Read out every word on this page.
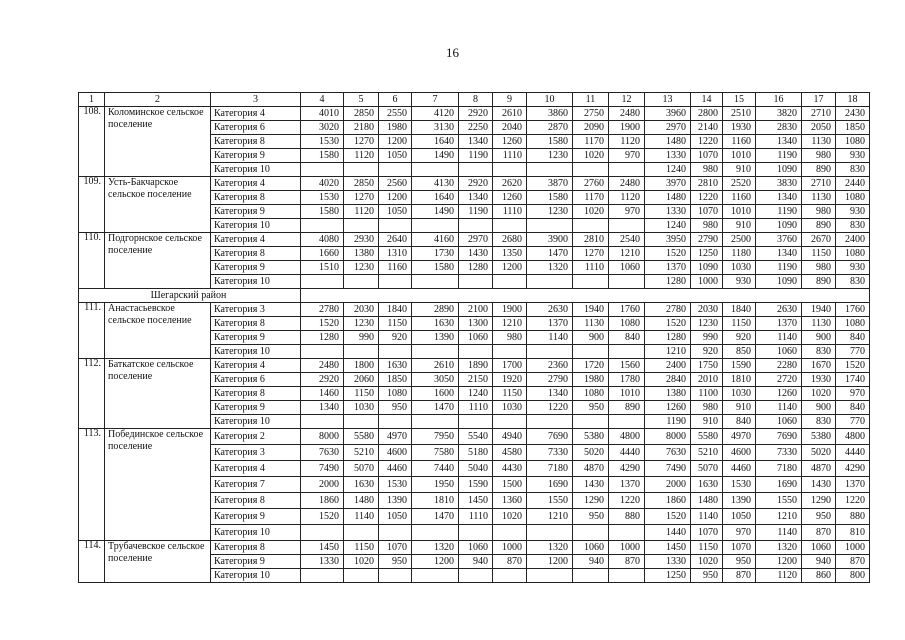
16
1	2	3	4	5	6	7	8	9	10	11	12	13	14	15	16	17	18
108.	Коломинское сельское поселение	Категория 4	4010	2850	2550	4120	2920	2610	3860	2750	2480	3960	2800	2510	3820	2710	2430
		Категория 6	3020	2180	1980	3130	2250	2040	2870	2090	1900	2970	2140	1930	2830	2050	1850
		Категория 8	1530	1270	1200	1640	1340	1260	1580	1170	1120	1480	1220	1160	1340	1130	1080
		Категория 9	1580	1120	1050	1490	1190	1110	1230	1020	970	1330	1070	1010	1190	980	930
		Категория 10										1240	980	910	1090	890	830
109.	Усть-Бакчарское сельское поселение	Категория 4	4020	2850	2560	4130	2920	2620	3870	2760	2480	3970	2810	2520	3830	2710	2440
		Категория 8	1530	1270	1200	1640	1340	1260	1580	1170	1120	1480	1220	1160	1340	1130	1080
		Категория 9	1580	1120	1050	1490	1190	1110	1230	1020	970	1330	1070	1010	1190	980	930
		Категория 10										1240	980	910	1090	890	830
110.	Подгорнское сельское поселение	Категория 4	4080	2930	2640	4160	2970	2680	3900	2810	2540	3950	2790	2500	3760	2670	2400
		Категория 8	1660	1380	1310	1730	1430	1350	1470	1270	1210	1520	1250	1180	1340	1150	1080
		Категория 9	1510	1230	1160	1580	1280	1200	1320	1110	1060	1370	1090	1030	1190	980	930
		Категория 10										1280	1000	930	1090	890	830
Шегарский район																	
111.	Анастасьевское сельское поселение	Категория 3	2780	2030	1840	2890	2100	1900	2630	1940	1760	2780	2030	1840	2630	1940	1760
		Категория 8	1520	1230	1150	1630	1300	1210	1370	1130	1080	1520	1230	1150	1370	1130	1080
		Категория 9	1280	990	920	1390	1060	980	1140	900	840	1280	990	920	1140	900	840
		Категория 10										1210	920	850	1060	830	770
112.	Баткатское сельское поселение	Категория 4	2480	1800	1630	2610	1890	1700	2360	1720	1560	2400	1750	1590	2280	1670	1520
		Категория 6	2920	2060	1850	3050	2150	1920	2790	1980	1780	2840	2010	1810	2720	1930	1740
		Категория 8	1460	1150	1080	1600	1240	1150	1340	1080	1010	1380	1100	1030	1260	1020	970
		Категория 9	1340	1030	950	1470	1110	1030	1220	950	890	1260	980	910	1140	900	840
		Категория 10										1190	910	840	1060	830	770
113.	Побединское сельское поселение	Категория 2	8000	5580	4970	7950	5540	4940	7690	5380	4800	8000	5580	4970	7690	5380	4800
		Категория 3	7630	5210	4600	7580	5180	4580	7330	5020	4440	7630	5210	4600	7330	5020	4440
		Категория 4	7490	5070	4460	7440	5040	4430	7180	4870	4290	7490	5070	4460	7180	4870	4290
		Категория 7	2000	1630	1530	1950	1590	1500	1690	1430	1370	2000	1630	1530	1690	1430	1370
		Категория 8	1860	1480	1390	1810	1450	1360	1550	1290	1220	1860	1480	1390	1550	1290	1220
		Категория 9	1520	1140	1050	1470	1110	1020	1210	950	880	1520	1140	1050	1210	950	880
		Категория 10										1440	1070	970	1140	870	810
114.	Трубачевское сельское поселение	Категория 8	1450	1150	1070	1320	1060	1000	1320	1060	1000	1450	1150	1070	1320	1060	1000
		Категория 9	1330	1020	950	1200	940	870	1200	940	870	1330	1020	950	1200	940	870
		Категория 10										1250	950	870	1120	860	800
